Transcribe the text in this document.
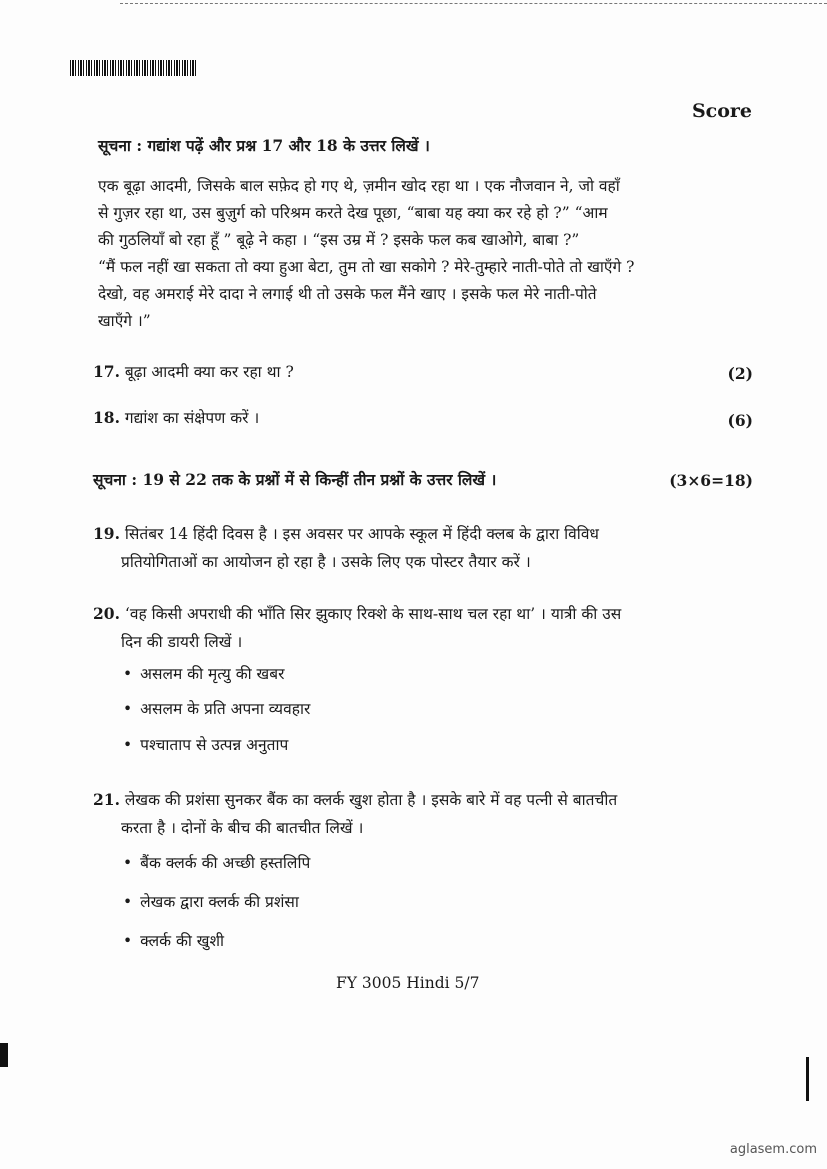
Score
सूचना : गद्यांश पढ़ें और प्रश्न 17 और 18 के उत्तर लिखें ।

एक बूढ़ा आदमी, जिसके बाल सफ़ेद हो गए थे, ज़मीन खोद रहा था । एक नौजवान ने, जो वहाँ

से गुज़र रहा था, उस बुज़ुर्ग को परिश्रम करते देख पूछा, “बाबा यह क्या कर रहे हो ?” “आम

की गुठलियाँ बो रहा हूँ ” बूढ़े ने कहा । “इस उम्र में ? इसके फल कब खाओगे, बाबा ?”

“मैं फल नहीं खा सकता तो क्या हुआ बेटा, तुम तो खा सकोगे ? मेरे-तुम्हारे नाती-पोते तो खाएँगे ?

देखो, वह अमराई मेरे दादा ने लगाई थी तो उसके फल मैंने खाए । इसके फल मेरे नाती-पोते

खाएँगे ।”

17. बूढ़ा आदमी क्या कर रहा था ?	(2)
18. गद्यांश का संक्षेपण करें ।	(6)
सूचना : 19 से 22 तक के प्रश्नों में से किन्हीं तीन प्रश्नों के उत्तर लिखें ।	(3×6=18)
19. सितंबर 14 हिंदी दिवस है । इस अवसर पर आपके स्कूल में हिंदी क्लब के द्वारा विविध
प्रतियोगिताओं का आयोजन हो रहा है । उसके लिए एक पोस्टर तैयार करें ।
20. ‘वह किसी अपराधी की भाँति सिर झुकाए रिक्शे के साथ-साथ चल रहा था’ । यात्री की उस
दिन की डायरी लिखें ।
• असलम की मृत्यु की खबर
• असलम के प्रति अपना व्यवहार
• पश्चाताप से उत्पन्न अनुताप
21. लेखक की प्रशंसा सुनकर बैंक का क्लर्क खुश होता है । इसके बारे में वह पत्नी से बातचीत
करता है । दोनों के बीच की बातचीत लिखें ।
• बैंक क्लर्क की अच्छी हस्तलिपि
• लेखक द्वारा क्लर्क की प्रशंसा
• क्लर्क की खुशी
FY 3005 Hindi 5/7
aglasem.com
